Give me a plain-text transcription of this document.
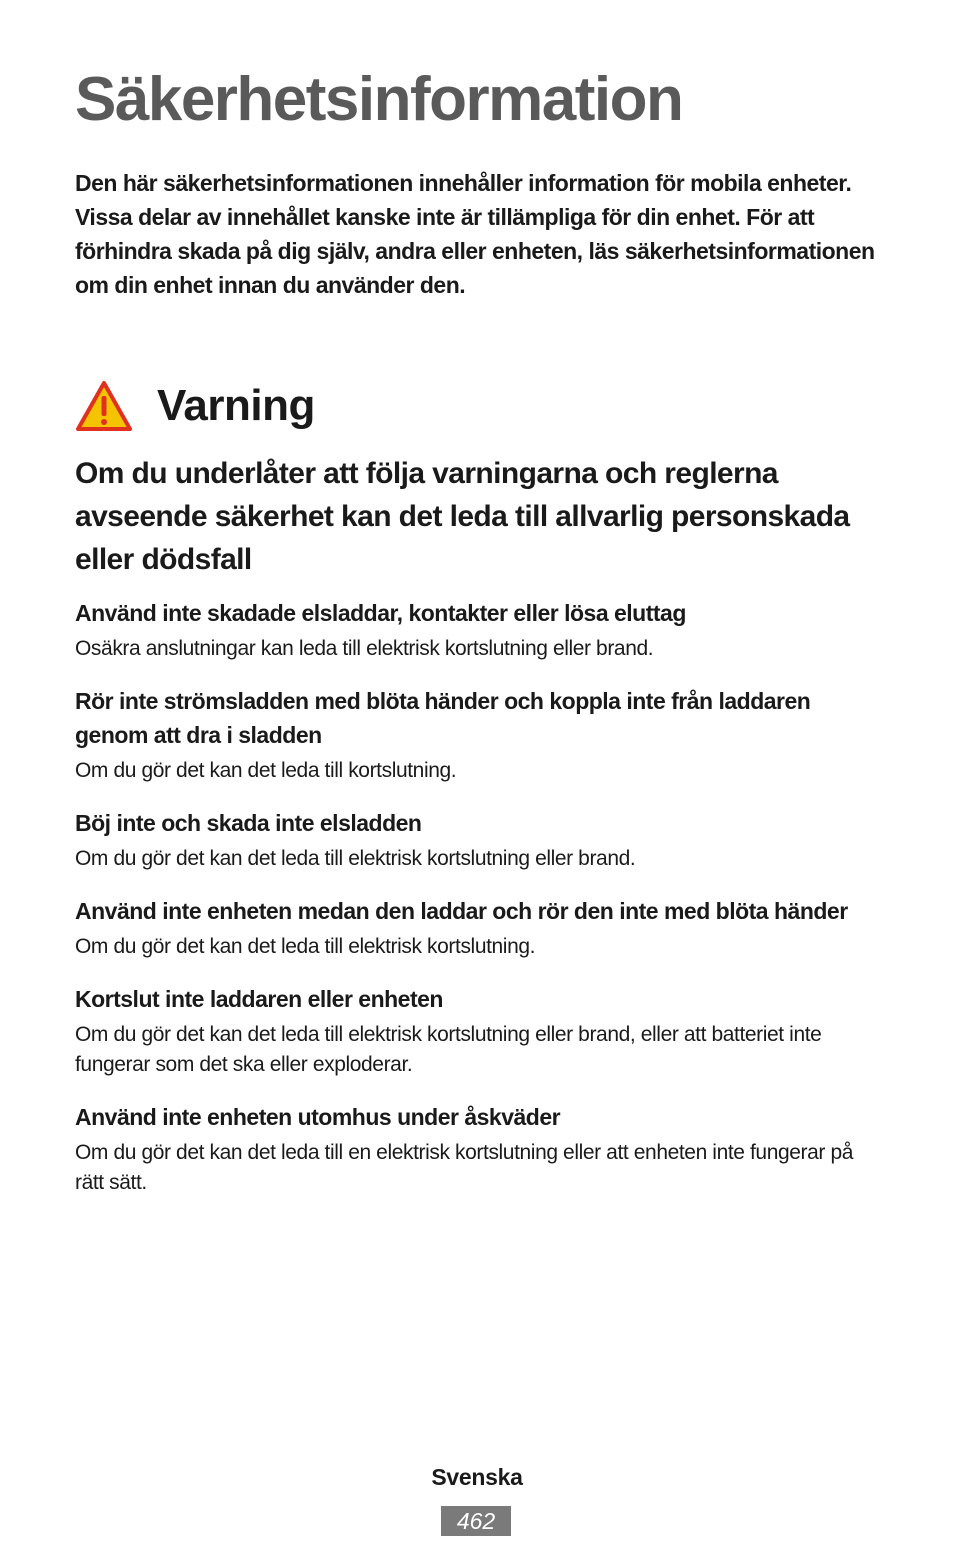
Säkerhetsinformation

Den här säkerhetsinformationen innehåller information för mobila enheter. Vissa delar av innehållet kanske inte är tillämpliga för din enhet. För att förhindra skada på dig själv, andra eller enheten, läs säkerhetsinformationen om din enhet innan du använder den.

Varning
Om du underlåter att följa varningarna och reglerna avseende säkerhet kan det leda till allvarlig personskada eller dödsfall
Använd inte skadade elsladdar, kontakter eller lösa eluttag

Osäkra anslutningar kan leda till elektrisk kortslutning eller brand.

Rör inte strömsladden med blöta händer och koppla inte från laddaren genom att dra i sladden

Om du gör det kan det leda till kortslutning.

Böj inte och skada inte elsladden

Om du gör det kan det leda till elektrisk kortslutning eller brand.

Använd inte enheten medan den laddar och rör den inte med blöta händer

Om du gör det kan det leda till elektrisk kortslutning.

Kortslut inte laddaren eller enheten

Om du gör det kan det leda till elektrisk kortslutning eller brand, eller att batteriet inte fungerar som det ska eller exploderar.

Använd inte enheten utomhus under åskväder

Om du gör det kan det leda till en elektrisk kortslutning eller att enheten inte fungerar på rätt sätt.

Svenska
462
